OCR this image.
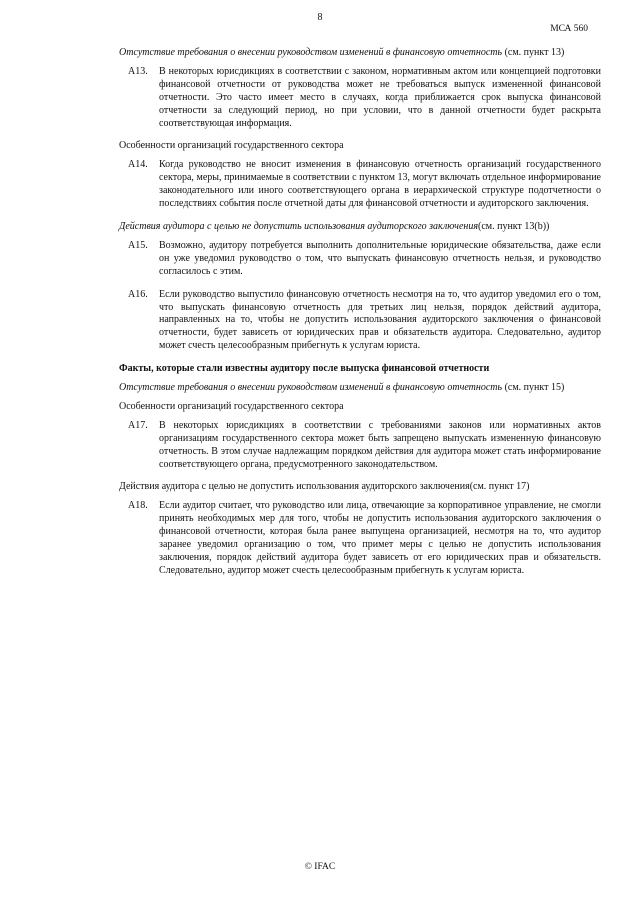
8
МСА 560

Отсутствие требования о внесении руководством изменений в финансовую отчетность (см. пункт 13)

A13.	В некоторых юрисдикциях в соответствии с законом, нормативным актом или концепцией подготовки финансовой отчетности от руководства может не требоваться выпуск измененной финансовой отчетности. Это часто имеет место в случаях, когда приближается срок выпуска финансовой отчетности за следующий период, но при условии, что в данной отчетности будет раскрыта соответствующая информация.

Особенности организаций государственного сектора

A14.	Когда руководство не вносит изменения в финансовую отчетность организаций государственного сектора, меры, принимаемые в соответствии с пунктом 13, могут включать отдельное информирование законодательного или иного соответствующего органа в иерархической структуре подотчетности о последствиях события после отчетной даты для финансовой отчетности и аудиторского заключения.

Действия аудитора с целью не допустить использования аудиторского заключения(см. пункт 13(b))

A15.	Возможно, аудитору потребуется выполнить дополнительные юридические обязательства, даже если он уже уведомил руководство о том, что выпускать финансовую отчетность нельзя, и руководство согласилось с этим.
A16.	Если руководство выпустило финансовую отчетность несмотря на то, что аудитор уведомил его о том, что выпускать финансовую отчетность для третьих лиц нельзя, порядок действий аудитора, направленных на то, чтобы не допустить использования аудиторского заключения о финансовой отчетности, будет зависеть от юридических прав и обязательств аудитора. Следовательно, аудитор может счесть целесообразным прибегнуть к услугам юриста.

Факты, которые стали известны аудитору после выпуска финансовой отчетности

Отсутствие требования о внесении руководством изменений в финансовую отчетность (см. пункт 15)

Особенности организаций государственного сектора

A17.	В некоторых юрисдикциях в соответствии с требованиями законов или нормативных актов организациям государственного сектора может быть запрещено выпускать измененную финансовую отчетность. В этом случае надлежащим порядком действия для аудитора может стать информирование соответствующего органа, предусмотренного законодательством.

Действия аудитора с целью не допустить использования аудиторского заключения(см. пункт 17)

A18.	Если аудитор считает, что руководство или лица, отвечающие за корпоративное управление, не смогли принять необходимых мер для того, чтобы не допустить использования аудиторского заключения о финансовой отчетности, которая была ранее выпущена организацией, несмотря на то, что аудитор заранее уведомил организацию о том, что примет меры с целью не допустить использования заключения, порядок действий аудитора будет зависеть от его юридических прав и обязательств. Следовательно, аудитор может счесть целесообразным прибегнуть к услугам юриста.
© IFAC
